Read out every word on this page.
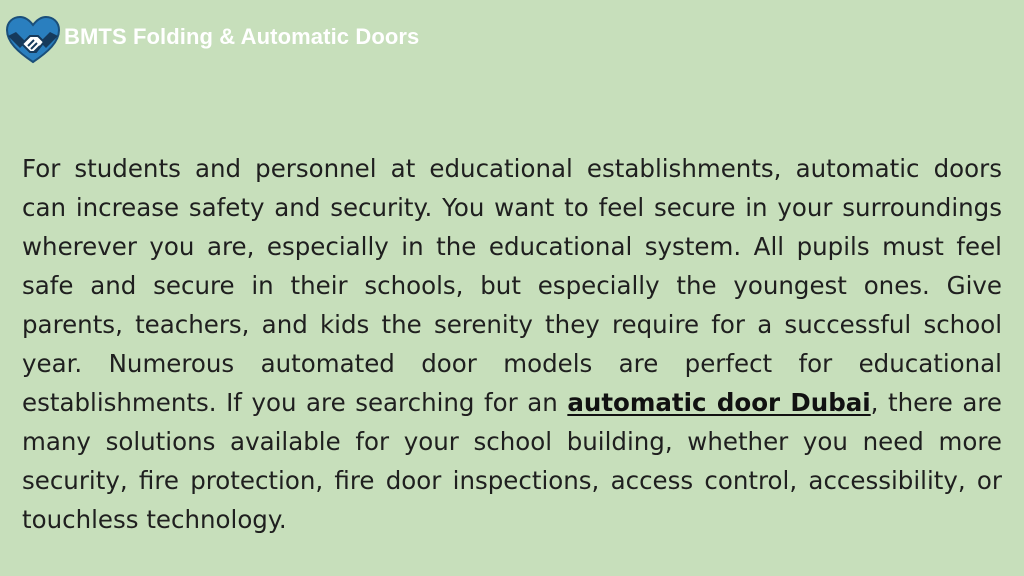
BMTS Folding & Automatic Doors

For students and personnel at educational establishments, automatic doors can increase safety and security. You want to feel secure in your surroundings wherever you are, especially in the educational system. All pupils must feel safe and secure in their schools, but especially the youngest ones. Give parents, teachers, and kids the serenity they require for a successful school year. Numerous automated door models are perfect for educational establishments. If you are searching for an automatic door Dubai, there are many solutions available for your school building, whether you need more security, fire protection, fire door inspections, access control, accessibility, or touchless technology.
